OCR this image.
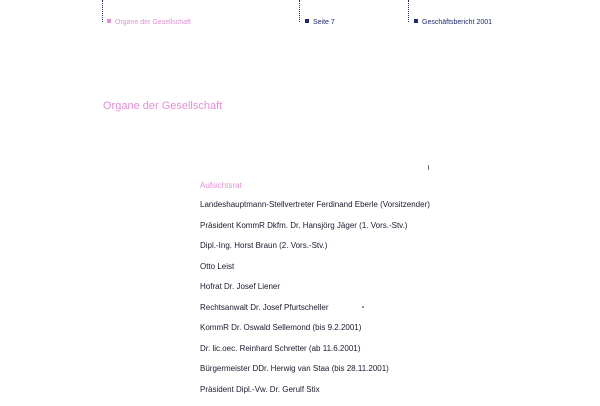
Organe der Gesellschaft	Seite 7	Geschäftsbericht 2001
Organe der Gesellschaft
Aufsichtsrat
Landeshauptmann-Stellvertreter Ferdinand Eberle (Vorsitzender)
Präsident KommR Dkfm. Dr. Hansjörg Jäger (1. Vors.-Stv.)
Dipl.-Ing. Horst Braun (2. Vors.-Stv.)
Otto Leist
Hofrat Dr. Josef Liener
Rechtsanwalt Dr. Josef Pfurtscheller
KommR Dr. Oswald Sellemond (bis 9.2.2001)
Dr. lic.oec. Reinhard Schretter (ab 11.6.2001)
Bürgermeister DDr. Herwig van Staa (bis 28.11.2001)
Präsident Dipl.-Vw. Dr. Gerulf Stix
